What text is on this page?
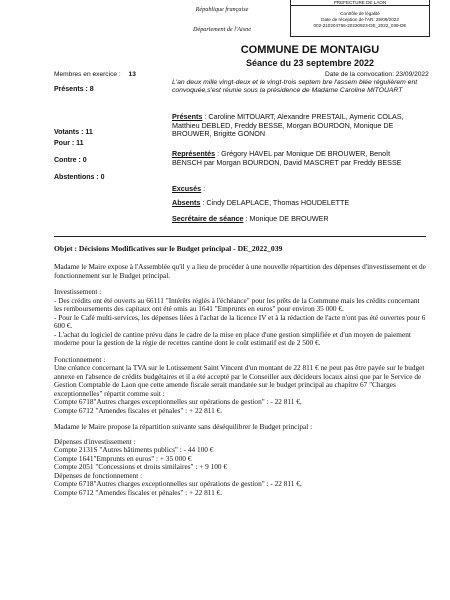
République française
Département de l'Aisne
PREFECTURE DE LAON
Contrôle de légalité
Date de réception de l'AR: 29/09/2022
002-210204756-20220923-DE_2022_039-DE
COMMUNE DE MONTAIGU
Séance du 23 septembre 2022
Membres en exercice : 13
Présents : 8
Votants : 11
Pour : 11
Contre : 0
Abstentions : 0
Date de la convocation: 23/09/2022
L'an deux mille vingt-deux et le vingt-trois septem bre l'assem blée régulièrem ent convoquée,s'est réunie sous la présidence de Madame Caroline MITOUART
Présents : Caroline MITOUART, Alexandre PRESTAIL, Aymeric COLAS, Matthieu DEBLED, Freddy BESSE, Morgan BOURDON, Monique DE BROUWER, Brigitte GONON
Représentés : Grégory HAVEL par Monique DE BROUWER, Benoît BENSCH par Morgan BOURDON, David MASCRET par Freddy BESSE
Excusés :
Absents : Cindy DELAPLACE, Thomas HOUDELETTE
Secrétaire de séance : Monique DE BROUWER
Objet : Décisions Modificatives sur le Budget principal - DE_2022_039

Madame le Maire expose à l'Assemblée qu'il y a lieu de procéder à une nouvelle répartition des dépenses d'investissement et de fonctionnement sur le Budget principal.

Investissement :

- Des crédits ont été ouverts au 66111 "Intérêts réglés à l'échéance" pour les prêts de la Commune mais les crédits concernant les remboursements des capitaux ont été omis au 1641 "Emprunts en euros" pour environ 35 000 €.

- Pour le Café multi-services, les dépenses liées à l'achat de la licence IV et à la rédaction de l'acte n'ont pas été ouvertes pour 6 600 €.

- L'achat du logiciel de cantine prévu dans le cadre de la mise en place d'une gestion simplifiée et d'un moyen de paiement moderne pour la gestion de la régie de recettes cantine dont le coût estimatif est de 2 500 €.

Fonctionnement :

Une créance concernant la TVA sur le Lotissement Saint Vincent d'un montant de 22 811 € ne peut pas être payée sur le budget annexe en l'absence de crédits budgétaires et il a été accepté par le Conseiller aux décideurs locaux ainsi que par le Service de Gestion Comptable de Laon que cette amende fiscale serait mandatée sur le budget principal au chapitre 67 "Charges exceptionnelles" répartit comme suit :

Compte 6718"Autres charges exceptionnelles sur opérations de gestion" : - 22 811 €,

Compte 6712 "Amendes fiscales et pénales" : + 22 811 €.

Madame le Maire propose la répartition suivante sans déséquilibrer le Budget principal :

Dépenses d'investissement :

Compte 2131S "Autres bâtiments publics" : - 44 100 €

Compte 1641"Emprunts en euros" : + 35 000 €

Compte 2051 "Concessions et droits similaires" : + 9 100 €

Dépenses de fonctionnement :

Compte 6718"Autres charges exceptionnelles sur opérations de gestion" : - 22 811 €,

Compte 6712 "Amendes fiscales et pénales" : + 22 811 €.
